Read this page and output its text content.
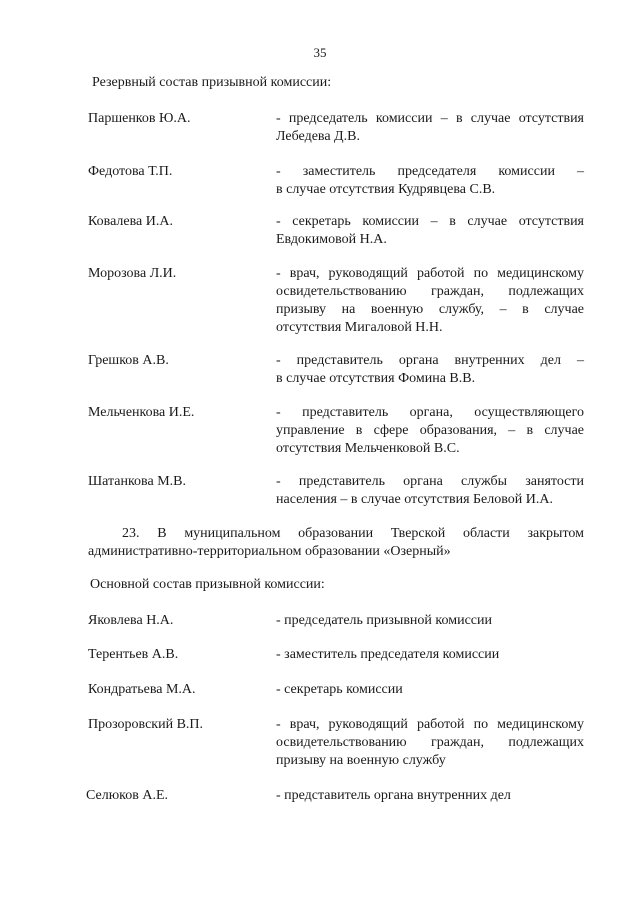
35
Резервный состав призывной комиссии:
Паршенков Ю.А.	- председатель комиссии – в случае отсутствия
Лебедева Д.В.
Федотова Т.П.	- заместитель председателя комиссии –
в случае отсутствия Кудрявцева С.В.
Ковалева И.А.	- секретарь комиссии – в случае отсутствия
Евдокимовой Н.А.
Морозова Л.И.	- врач, руководящий работой по медицинскому
освидетельствованию граждан, подлежащих
призыву на военную службу, – в случае
отсутствия Мигаловой Н.Н.
Грешков А.В.	- представитель органа внутренних дел –
в случае отсутствия Фомина В.В.
Мельченкова И.Е.	- представитель органа, осуществляющего
управление в сфере образования, – в случае
отсутствия Мельченковой В.С.
Шатанкова М.В.	- представитель органа службы занятости
населения – в случае отсутствия Беловой И.А.
23. В муниципальном образовании Тверской области закрытом
административно-территориальном образовании «Озерный»
Основной состав призывной комиссии:
Яковлева Н.А.	- председатель призывной комиссии
Терентьев А.В.	- заместитель председателя комиссии
Кондратьева М.А.	- секретарь комиссии
Прозоровский В.П.	- врач, руководящий работой по медицинскому
освидетельствованию граждан, подлежащих
призыву на военную службу
Селюков А.Е.	- представитель органа внутренних дел
